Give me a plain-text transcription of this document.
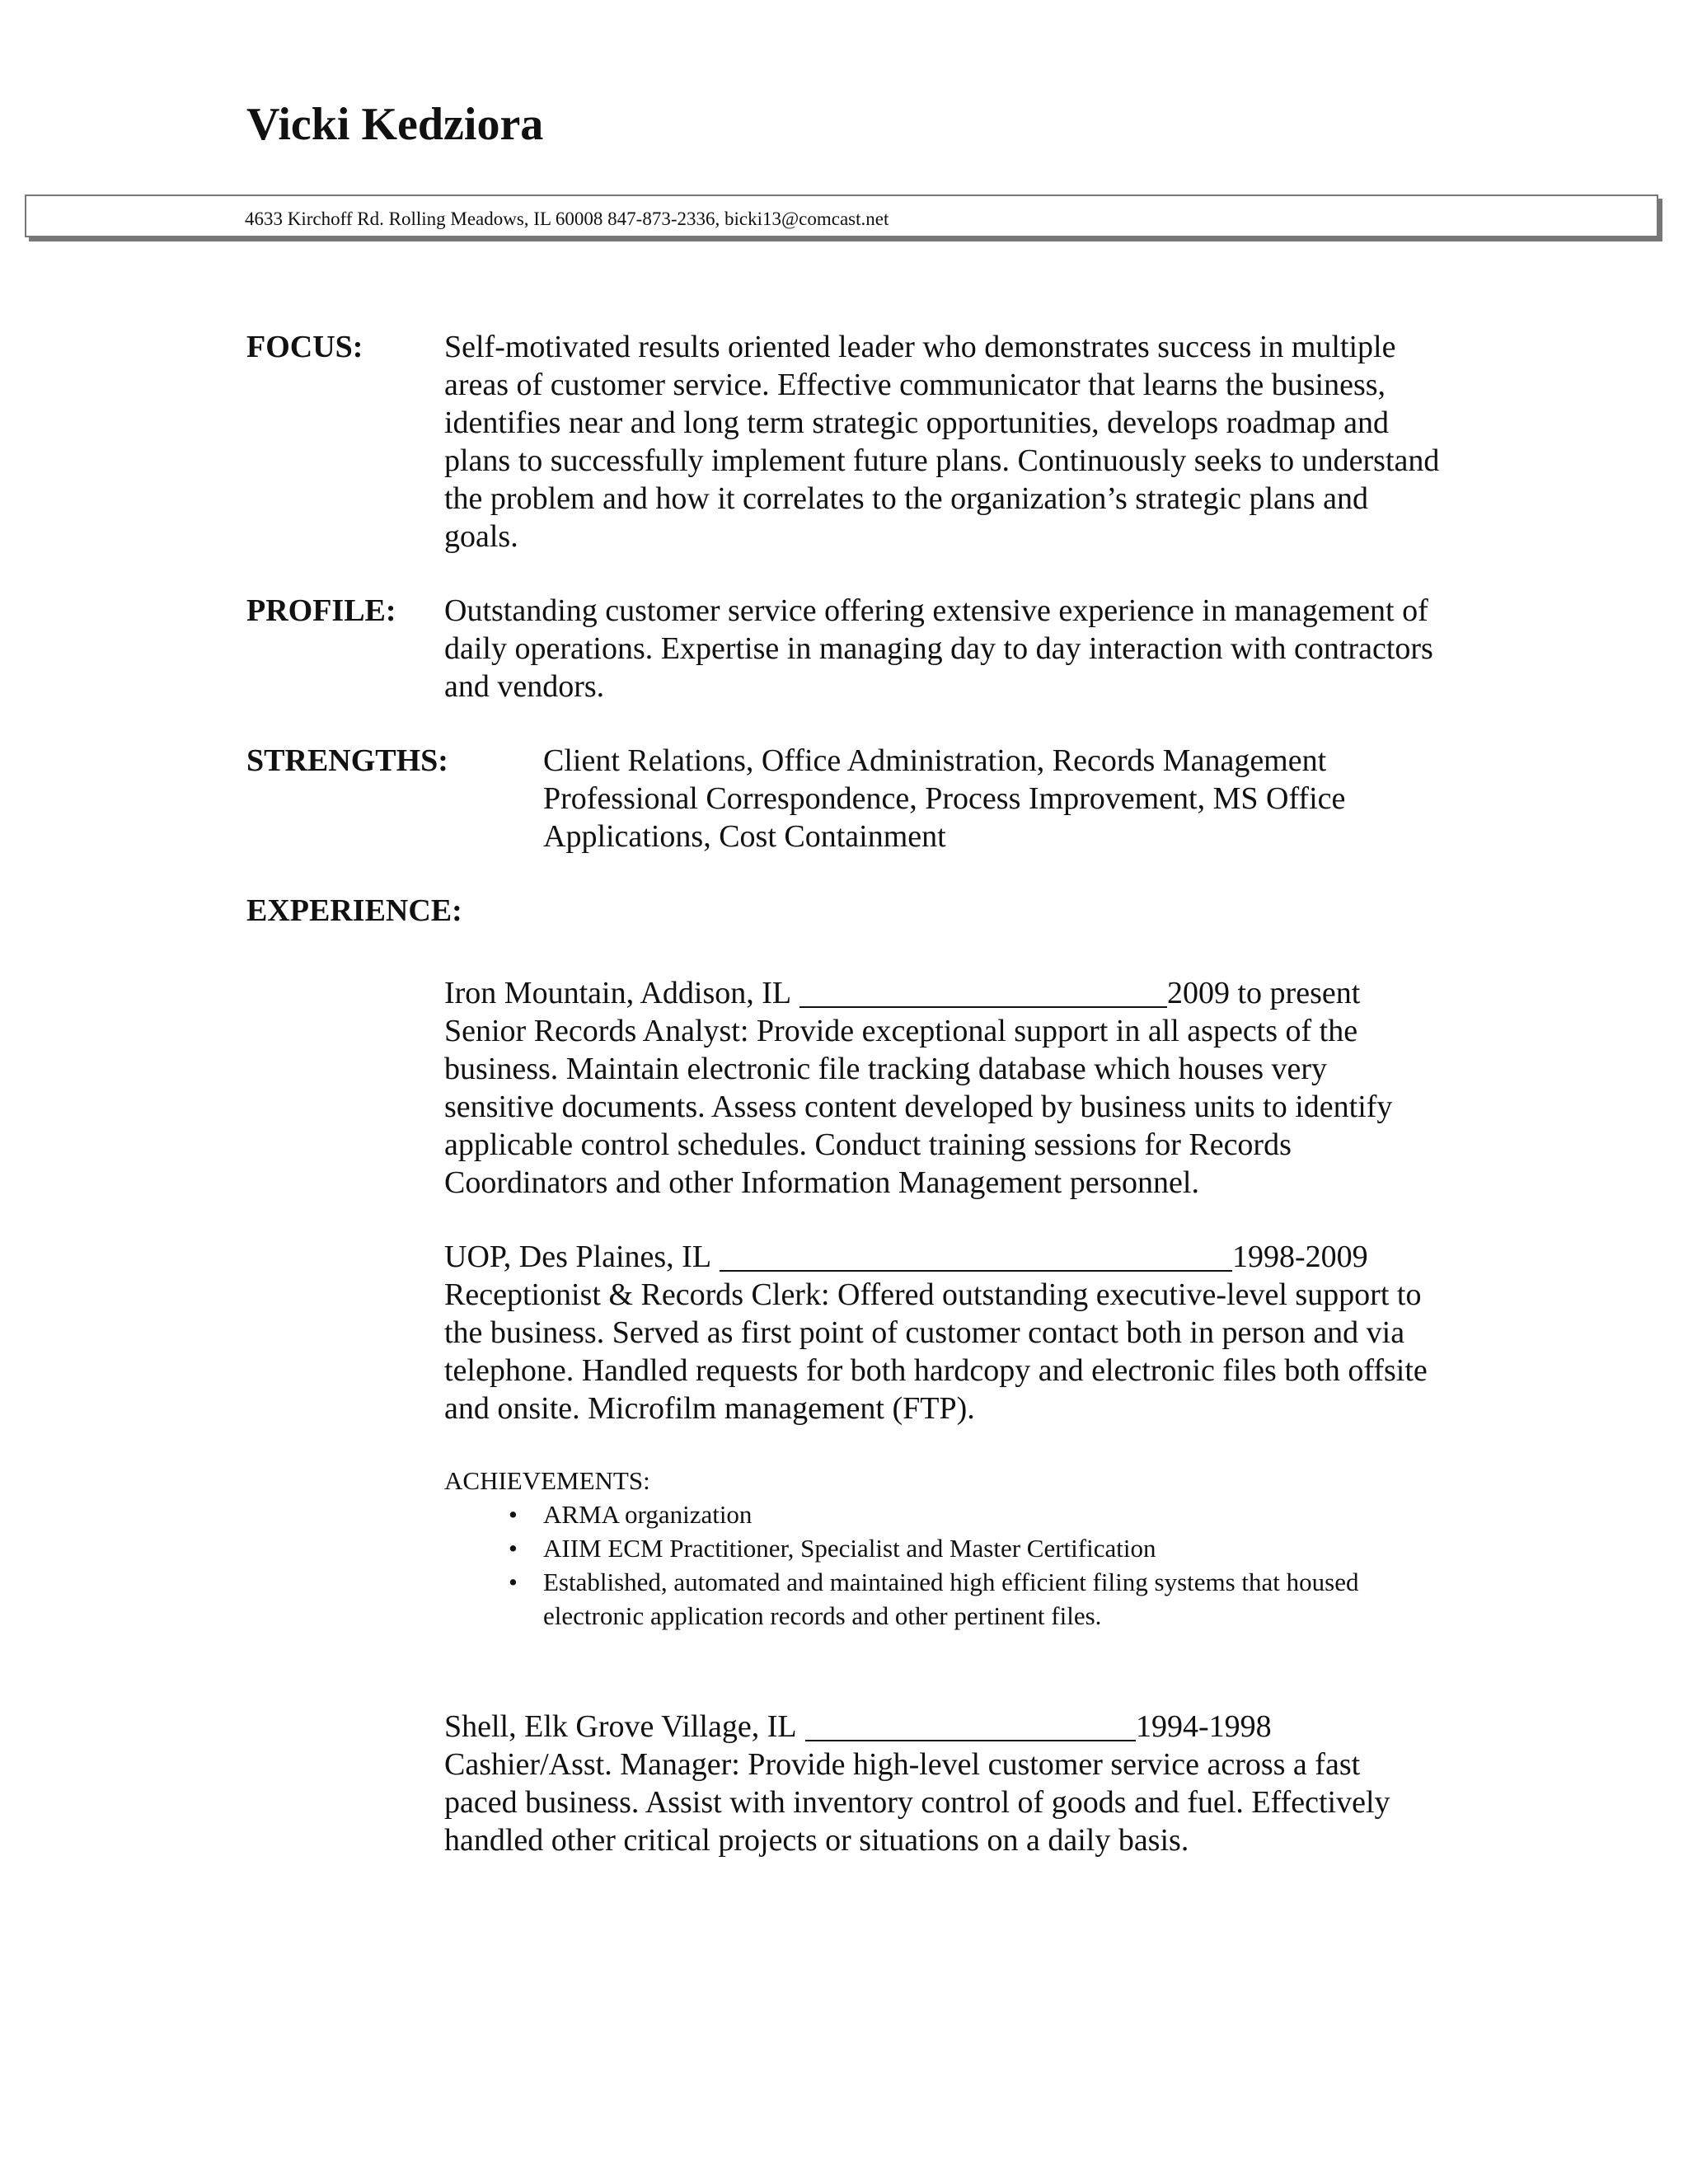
Vicki Kedziora
4633 Kirchoff Rd. Rolling Meadows, IL 60008 847-873-2336, bicki13@comcast.net
FOCUS:	Self-motivated results oriented leader who demonstrates success in multiple areas of customer service. Effective communicator that learns the business, identifies near and long term strategic opportunities, develops roadmap and plans to successfully implement future plans. Continuously seeks to understand the problem and how it correlates to the organization’s strategic plans and goals.

PROFILE: Outstanding customer service offering extensive experience in management of daily operations. Expertise in managing day to day interaction with contractors and vendors.

STRENGTHS:	Client Relations, Office Administration, Records Management Professional Correspondence, Process Improvement, MS Office Applications, Cost Containment

EXPERIENCE:
Iron Mountain, Addison, IL	2009 to present

Senior Records Analyst: Provide exceptional support in all aspects of the business. Maintain electronic file tracking database which houses very sensitive documents. Assess content developed by business units to identify applicable control schedules. Conduct training sessions for Records Coordinators and other Information Management personnel.

UOP, Des Plaines, IL	1998-2009

Receptionist & Records Clerk: Offered outstanding executive-level support to the business. Served as first point of customer contact both in person and via telephone. Handled requests for both hardcopy and electronic files both offsite and onsite. Microfilm management (FTP).

ACHIEVEMENTS:

• ARMA organization
• AIIM ECM Practitioner, Specialist and Master Certification
• Established, automated and maintained high efficient filing systems that housed electronic application records and other pertinent files.
Shell, Elk Grove Village, IL	1994-1998

Cashier/Asst. Manager: Provide high-level customer service across a fast paced business. Assist with inventory control of goods and fuel. Effectively handled other critical projects or situations on a daily basis.
